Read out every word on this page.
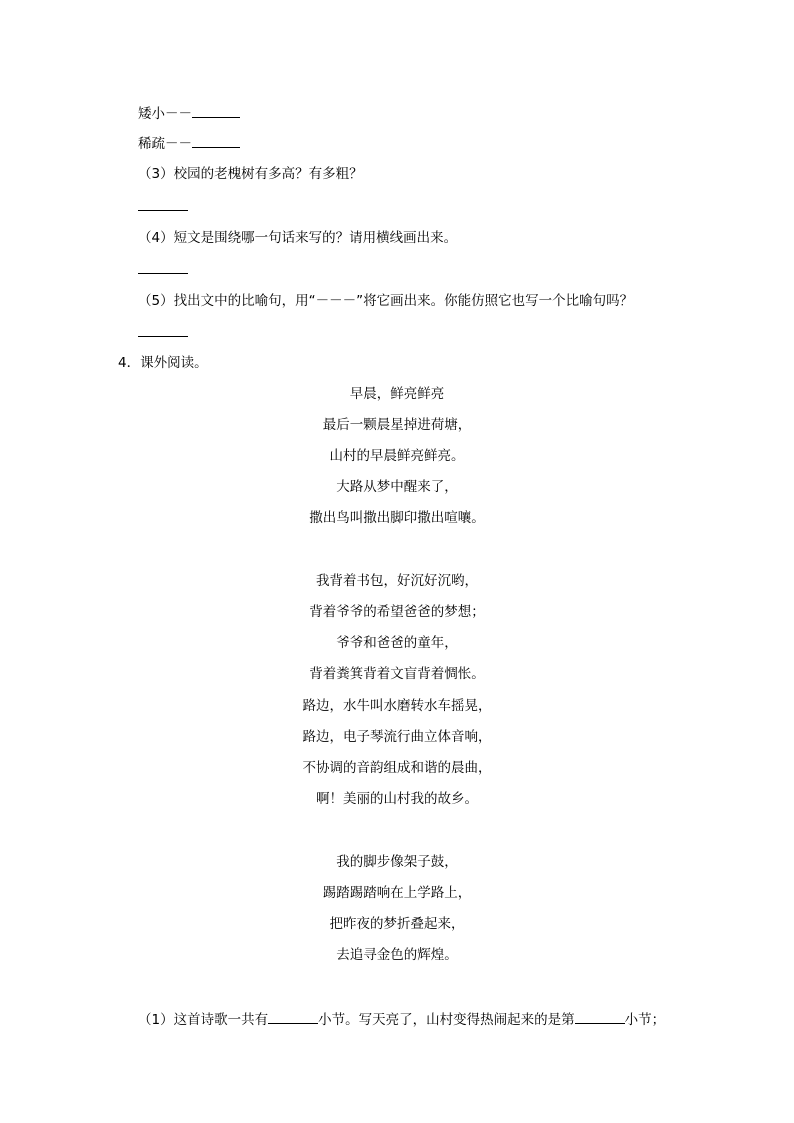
矮小－－
稀疏－－
（3）校园的老槐树有多高？有多粗？
（4）短文是围绕哪一句话来写的？请用横线画出来。
（5）找出文中的比喻句，用“－－－”将它画出来。你能仿照它也写一个比喻句吗？
4．课外阅读。
早晨，鲜亮鲜亮
最后一颗晨星掉进荷塘，
山村的早晨鲜亮鲜亮。
大路从梦中醒来了，
撒出鸟叫撒出脚印撒出喧嚷。
我背着书包，好沉好沉哟，
背着爷爷的希望爸爸的梦想；
爷爷和爸爸的童年，
背着粪箕背着文盲背着惆怅。
路边，水牛叫水磨转水车摇晃，
路边，电子琴流行曲立体音响，
不协调的音韵组成和谐的晨曲，
啊！美丽的山村我的故乡。
我的脚步像架子鼓，
踢踏踢踏响在上学路上，
把昨夜的梦折叠起来，
去追寻金色的辉煌。
（1）这首诗歌一共有	小节。写天亮了，山村变得热闹起来的是第	小节；
